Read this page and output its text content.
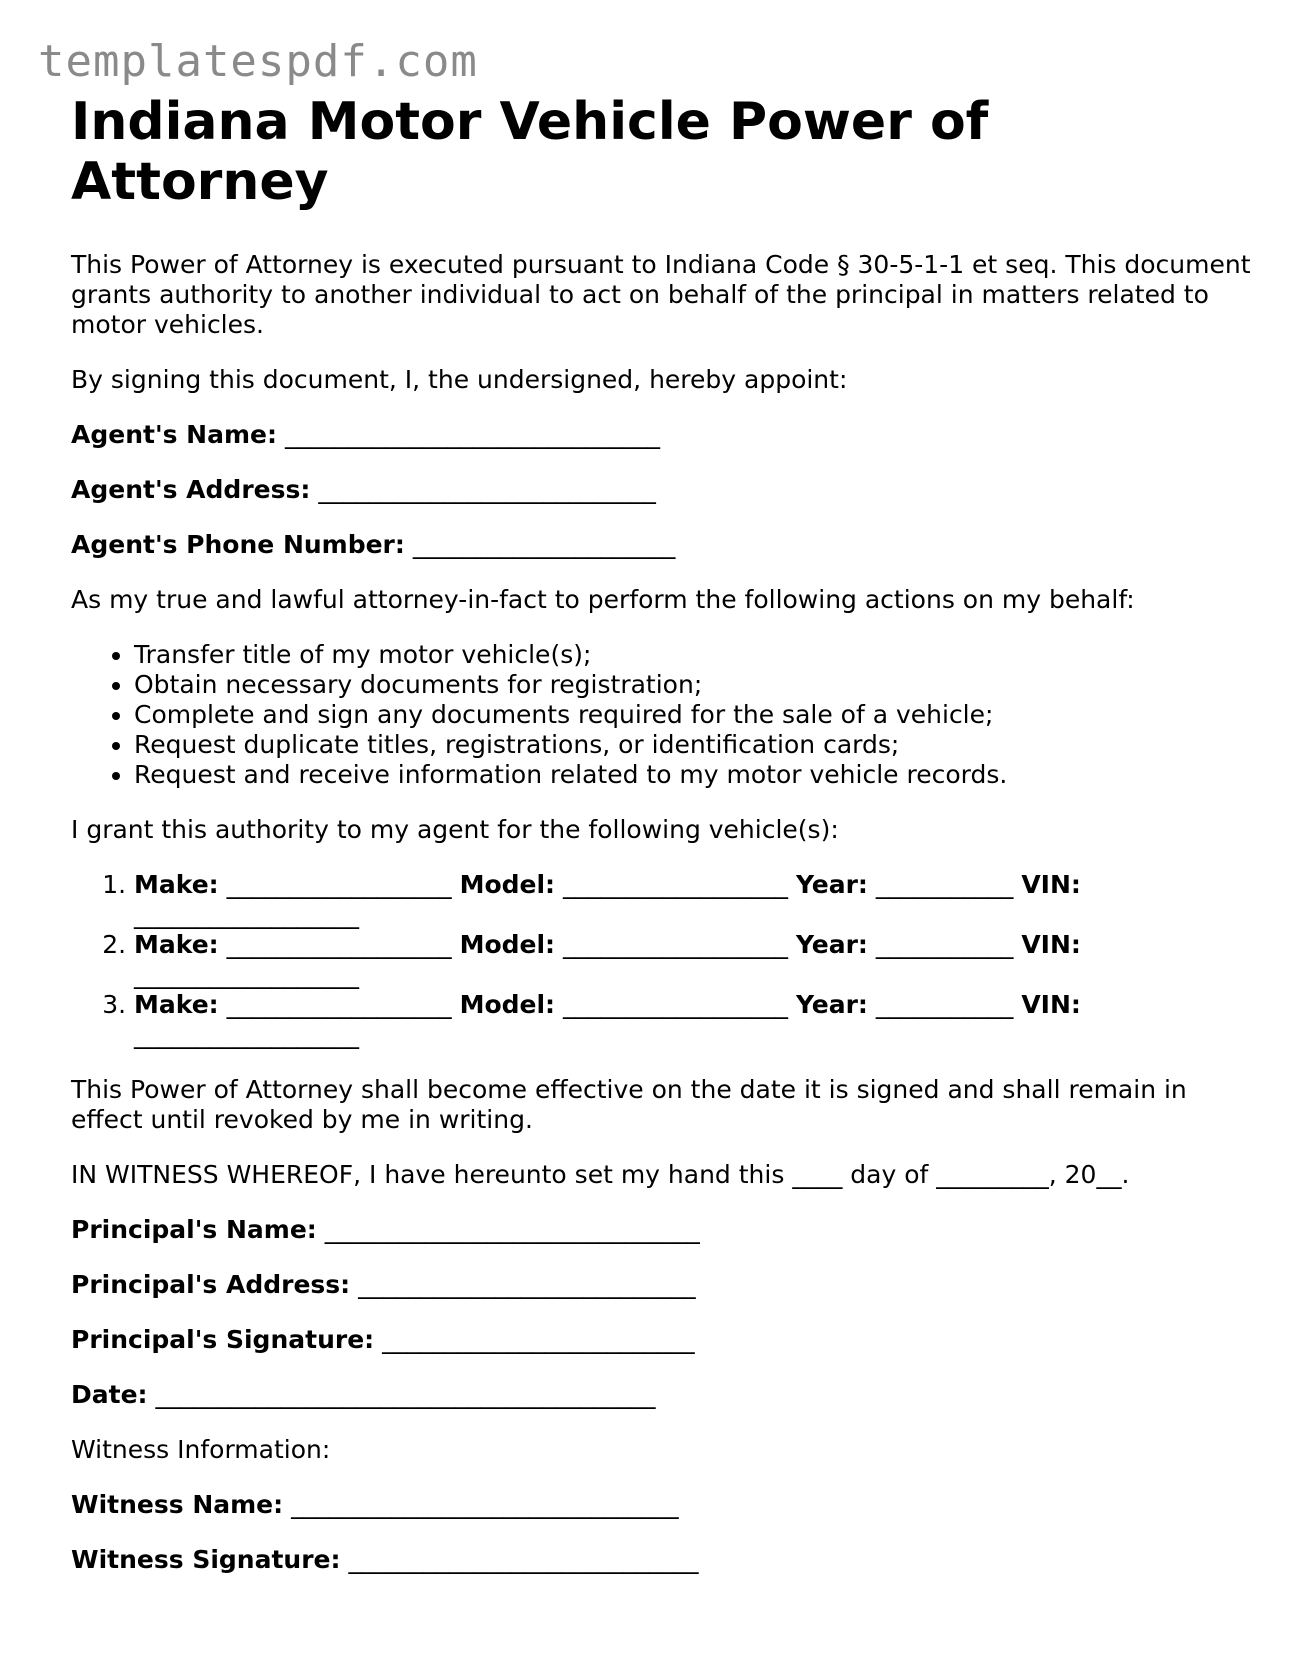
templatespdf.com
Indiana Motor Vehicle Power of Attorney

This Power of Attorney is executed pursuant to Indiana Code § 30-5-1-1 et seq. This document grants authority to another individual to act on behalf of the principal in matters related to motor vehicles.

By signing this document, I, the undersigned, hereby appoint:

Agent's Name: ______________________________
Agent's Address: ___________________________
Agent's Phone Number: _____________________

As my true and lawful attorney-in-fact to perform the following actions on my behalf:

• Transfer title of my motor vehicle(s);
• Obtain necessary documents for registration;
• Complete and sign any documents required for the sale of a vehicle;
• Request duplicate titles, registrations, or identification cards;
• Request and receive information related to my motor vehicle records.

I grant this authority to my agent for the following vehicle(s):

1. Make: __________________ Model: __________________ Year: ___________ VIN: __________________
2. Make: __________________ Model: __________________ Year: ___________ VIN: __________________
3. Make: __________________ Model: __________________ Year: ___________ VIN: __________________

This Power of Attorney shall become effective on the date it is signed and shall remain in effect until revoked by me in writing.

IN WITNESS WHEREOF, I have hereunto set my hand this ____ day of _________, 20__.

Principal's Name: ______________________________
Principal's Address: ___________________________
Principal's Signature: _________________________
Date: ________________________________________

Witness Information:

Witness Name: _______________________________
Witness Signature: ____________________________
